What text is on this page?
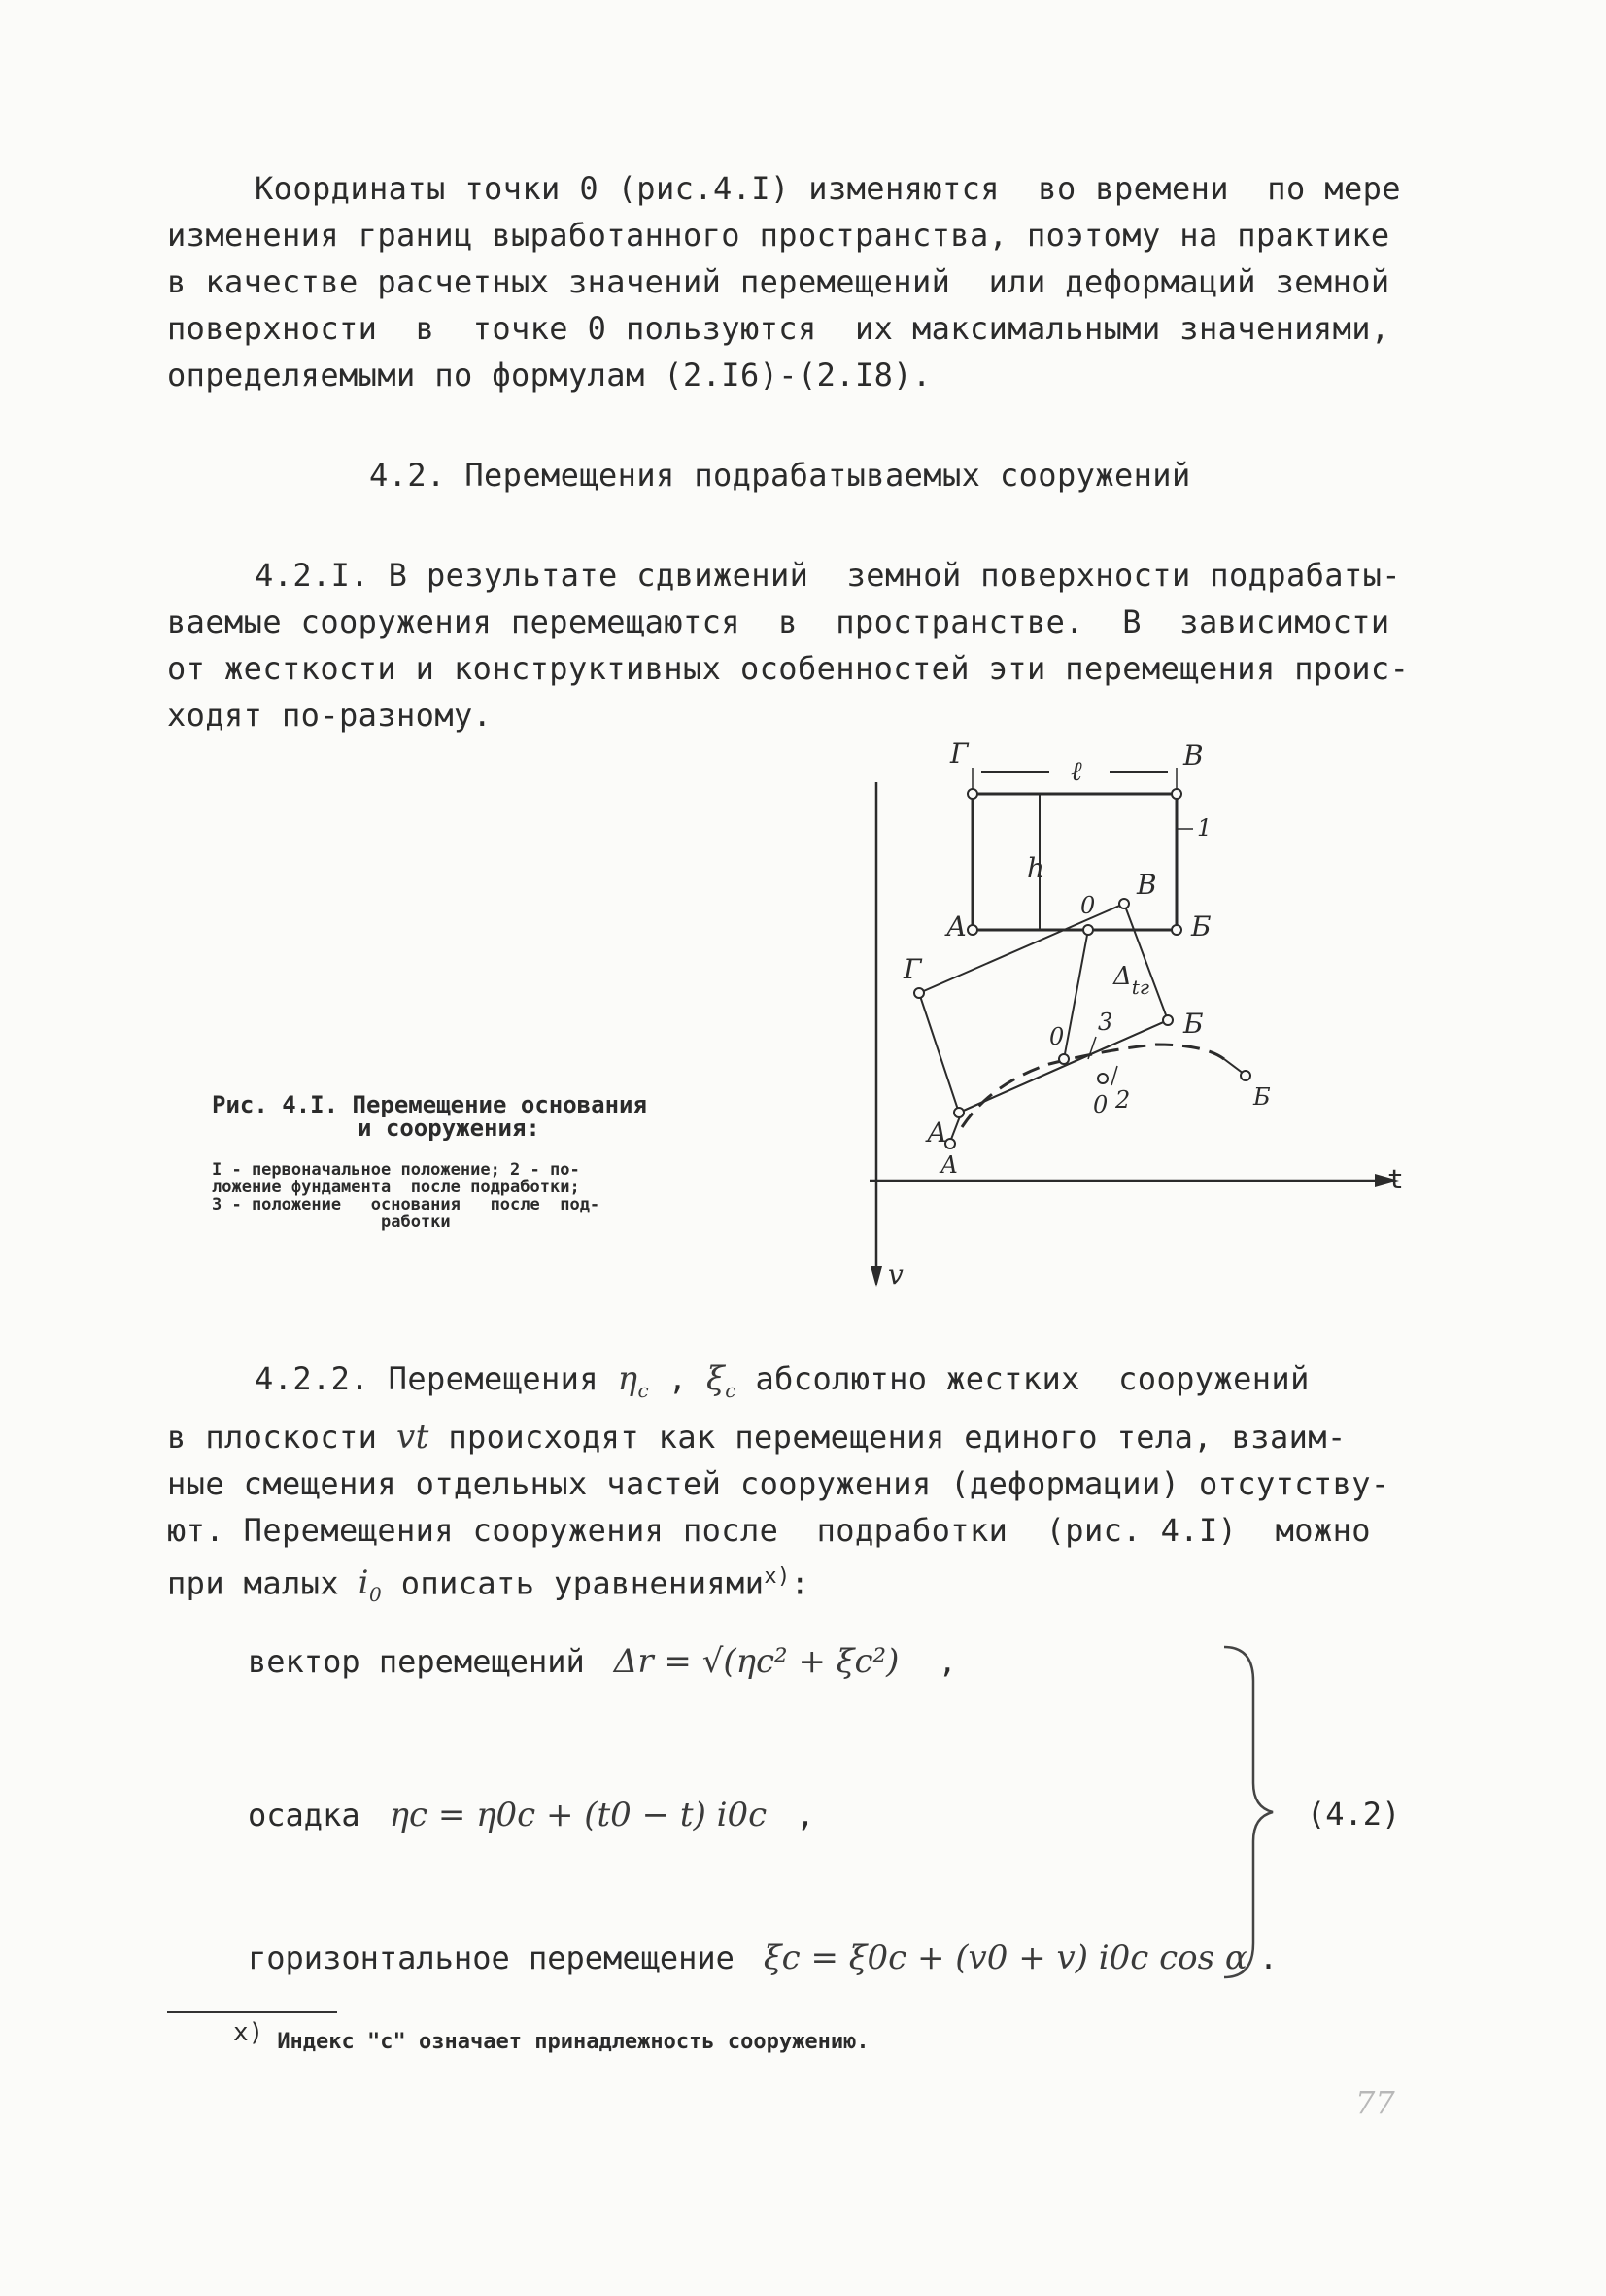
Координаты точки 0 (рис.4.I) изменяются  во времени  по мере
изменения границ выработанного пространства, поэтому на практике
в качестве расчетных значений перемещений  или деформаций земной
поверхности  в  точке 0 пользуются  их максимальными значениями,
определяемыми по формулам (2.I6)-(2.I8).
4.2. Перемещения подрабатываемых сооружений
4.2.I. В результате сдвижений  земной поверхности подрабаты-
ваемые сооружения перемещаются  в  пространстве.  В  зависимости
от жесткости и конструктивных особенностей эти перемещения проис-
ходят по-разному.
Г
ℓ	В
1
h
А
0
Б
В
Г	$\Delta_{tг}$
0
3	Б
А
0 2	Б
А	t
v
Рис. 4.I. Перемещение основания
и сооружения:
I - первоначальное положение; 2 - по-
ложение фундамента  после подработки;
3 - положение   основания   после  под-
работки
4.2.2. Перемещения $\eta_c$ , $\xi_c$ абсолютно жестких  сооружений
в плоскости vt происходят как перемещения единого тела, взаим-
ные смещения отдельных частей сооружения (деформации) отсутству-
ют. Перемещения сооружения после  подработки  (рис. 4.I)  можно
при малых $i_0$ описать уравнениями$^{x)}$:
вектор перемещений Δr = √(ηc² + ξc²) ,
осадка ηc = η0c + (t0 − t) i0c ,
горизонтальное перемещение ξc = ξ0c + (v0 + v) i0c cos α .
(4.2)
x) Индекс "с" означает принадлежность сооружению.
77
